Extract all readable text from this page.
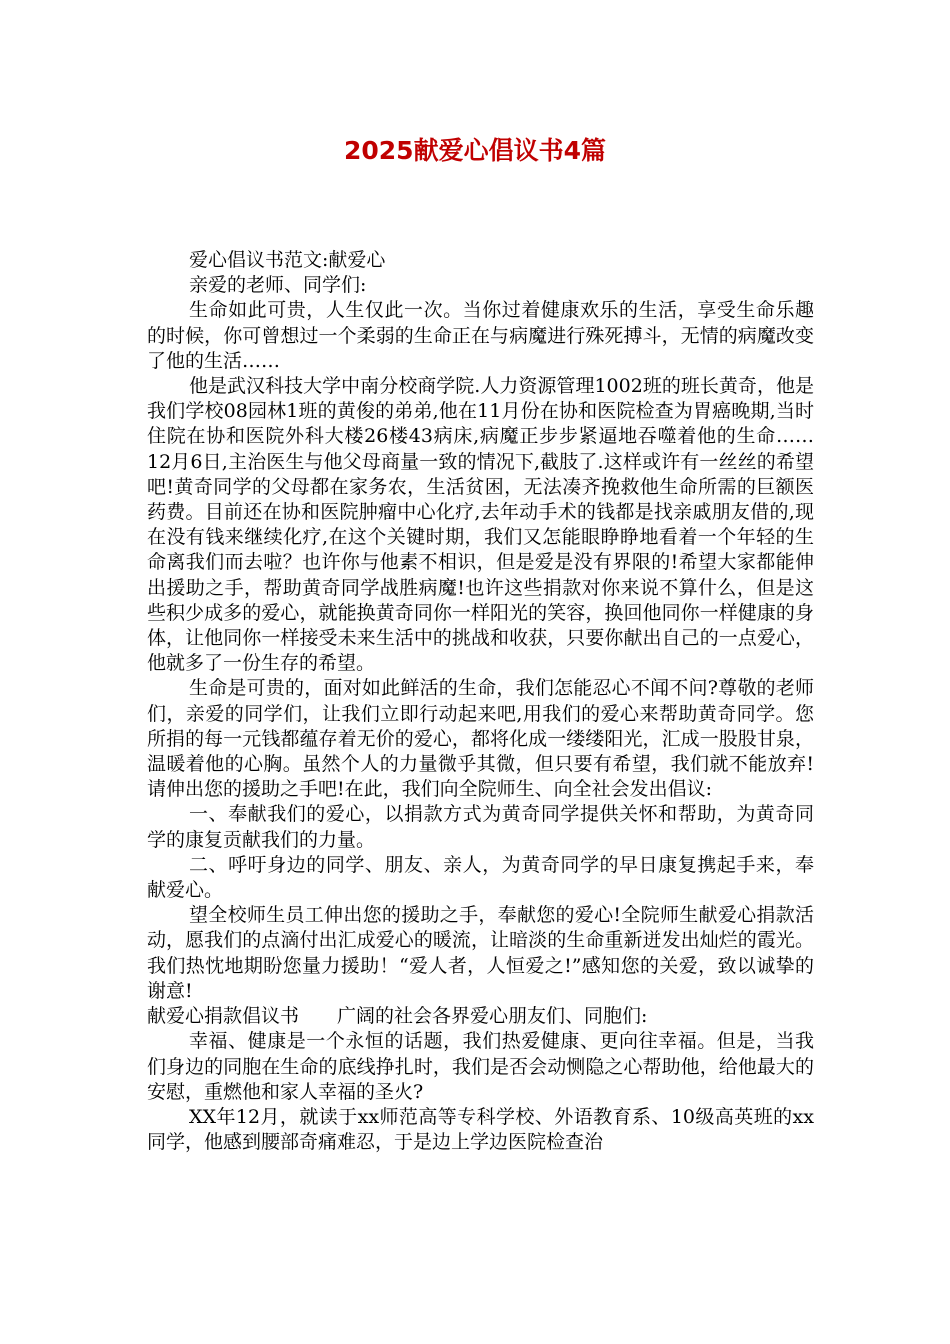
2025献爱心倡议书4篇

爱心倡议书范文:献爱心

亲爱的老师、同学们:

生命如此可贵，人生仅此一次。当你过着健康欢乐的生活，享受生命乐趣的时候，你可曾想过一个柔弱的生命正在与病魔进行殊死搏斗，无情的病魔改变了他的生活……

他是武汉科技大学中南分校商学院.人力资源管理1002班的班长黄奇，他是我们学校08园林1班的黄俊的弟弟,他在11月份在协和医院检查为胃癌晚期,当时住院在协和医院外科大楼26楼43病床,病魔正步步紧逼地吞噬着他的生命……12月6日,主治医生与他父母商量一致的情况下,截肢了.这样或许有一丝丝的希望吧!黄奇同学的父母都在家务农，生活贫困，无法凑齐挽救他生命所需的巨额医药费。目前还在协和医院肿瘤中心化疗,去年动手术的钱都是找亲戚朋友借的,现在没有钱来继续化疗,在这个关键时期，我们又怎能眼睁睁地看着一个年轻的生命离我们而去啦？也许你与他素不相识，但是爱是没有界限的!希望大家都能伸出援助之手，帮助黄奇同学战胜病魔!也许这些捐款对你来说不算什么，但是这些积少成多的爱心，就能换黄奇同你一样阳光的笑容，换回他同你一样健康的身体，让他同你一样接受未来生活中的挑战和收获，只要你献出自己的一点爱心，他就多了一份生存的希望。

生命是可贵的，面对如此鲜活的生命，我们怎能忍心不闻不问?尊敬的老师们，亲爱的同学们，让我们立即行动起来吧,用我们的爱心来帮助黄奇同学。您所捐的每一元钱都蕴存着无价的爱心，都将化成一缕缕阳光，汇成一股股甘泉，温暖着他的心胸。虽然个人的力量微乎其微，但只要有希望，我们就不能放弃!请伸出您的援助之手吧!在此，我们向全院师生、向全社会发出倡议:

一、奉献我们的爱心，以捐款方式为黄奇同学提供关怀和帮助，为黄奇同学的康复贡献我们的力量。

二、呼吁身边的同学、朋友、亲人，为黄奇同学的早日康复携起手来，奉献爱心。

望全校师生员工伸出您的援助之手，奉献您的爱心!全院师生献爱心捐款活动，愿我们的点滴付出汇成爱心的暖流，让暗淡的生命重新迸发出灿烂的霞光。我们热忱地期盼您量力援助！“爱人者，人恒爱之!”感知您的关爱，致以诚挚的谢意!

献爱心捐款倡议书　　广阔的社会各界爱心朋友们、同胞们:

幸福、健康是一个永恒的话题，我们热爱健康、更向往幸福。但是，当我们身边的同胞在生命的底线挣扎时，我们是否会动恻隐之心帮助他，给他最大的安慰，重燃他和家人幸福的圣火?

XX年12月，就读于xx师范高等专科学校、外语教育系、10级高英班的xx同学，他感到腰部奇痛难忍，于是边上学边医院检查治
